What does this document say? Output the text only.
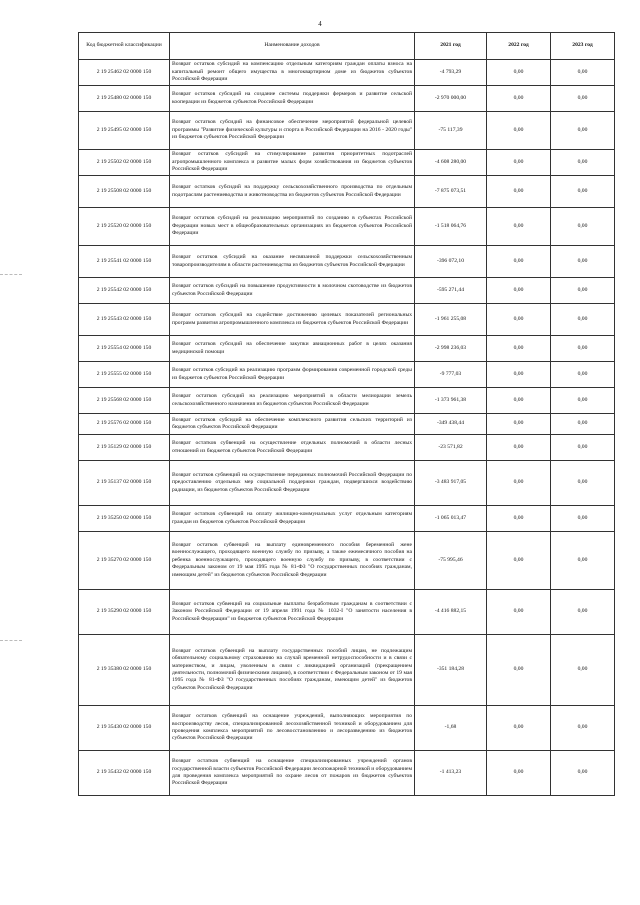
4
Код бюджетной классификации	Наименование доходов	2021 год	2022 год	2023 год
2 19 25462 02 0000 150	Возврат остатков субсидий на компенсацию отдельным категориям граждан оплаты взноса на капитальный ремонт общего имущества в многоквартирном доме из бюджетов субъектов Российской Федерации	-4 793,29	0,00	0,00
2 19 25480 02 0000 150	Возврат остатков субсидий на создание системы поддержки фермеров и развитие сельской кооперации из бюджетов субъектов Российской Федерации	-2 970 000,00	0,00	0,00
2 19 25495 02 0000 150	Возврат остатков субсидий на финансовое обеспечение мероприятий федеральной целевой программы "Развитие физической культуры и спорта в Российской Федерации на 2016 - 2020 годы" из бюджетов субъектов Российской Федерации	-75 117,39	0,00	0,00
2 19 25502 02 0000 150	Возврат остатков субсидий на стимулирование развития приоритетных подотраслей агропромышленного комплекса и развитие малых форм хозяйствования из бюджетов субъектов Российской Федерации	-4 608 280,00	0,00	0,00
2 19 25508 02 0000 150	Возврат остатков субсидий на поддержку сельскохозяйственного производства по отдельным подотраслям растениеводства и животноводства из бюджетов субъектов Российской Федерации	-7 875 073,51	0,00	0,00
2 19 25520 02 0000 150	Возврат остатков субсидий на реализацию мероприятий по созданию в субъектах Российской Федерации новых мест в общеобразовательных организациях из бюджетов субъектов Российской Федерации	-1 518 064,76	0,00	0,00
2 19 25541 02 0000 150	Возврат остатков субсидий на оказание несвязанной поддержки сельскохозяйственным товаропроизводителям в области растениеводства из бюджетов субъектов Российской Федерации	-396 072,10	0,00	0,00
2 19 25542 02 0000 150	Возврат остатков субсидий на повышение продуктивности в молочном скотоводстве из бюджетов субъектов Российской Федерации	-595 271,44	0,00	0,00
2 19 25543 02 0000 150	Возврат остатков субсидий на содействие достижению целевых показателей региональных программ развития агропромышленного комплекса из бюджетов субъектов Российской Федерации	-1 961 255,08	0,00	0,00
2 19 25554 02 0000 150	Возврат остатков субсидий на обеспечение закупки авиационных работ в целях оказания медицинской помощи	-2 998 236,03	0,00	0,00
2 19 25555 02 0000 150	Возврат остатков субсидий на реализацию программ формирования современной городской среды из бюджетов субъектов Российской Федерации	-9 777,03	0,00	0,00
2 19 25568 02 0000 150	Возврат остатков субсидий на реализацию мероприятий в области мелиорации земель сельскохозяйственного назначения из бюджетов субъектов Российской Федерации	-1 373 961,38	0,00	0,00
2 19 25576 02 0000 150	Возврат остатков субсидий на обеспечение комплексного развития сельских территорий из бюджетов субъектов Российской Федерации	-349 438,44	0,00	0,00
2 19 35129 02 0000 150	Возврат остатков субвенций на осуществление отдельных полномочий в области лесных отношений из бюджетов субъектов Российской Федерации	-23 571,82	0,00	0,00
2 19 35137 02 0000 150	Возврат остатков субвенций на осуществление переданных полномочий Российской Федерации по предоставлению отдельных мер социальной поддержки граждан, подвергшихся воздействию радиации, из бюджетов субъектов Российской Федерации	-3 483 917,05	0,00	0,00
2 19 35250 02 0000 150	Возврат остатков субвенций на оплату жилищно-коммунальных услуг отдельным категориям граждан из бюджетов субъектов Российской Федерации	-1 065 013,47	0,00	0,00
2 19 35270 02 0000 150	Возврат остатков субвенций на выплату единовременного пособия беременной жене военнослужащего, проходящего военную службу по призыву, а также ежемесячного пособия на ребенка военнослужащего, проходящего военную службу по призыву, в соответствии с Федеральным законом от 19 мая 1995 года № 81-ФЗ "О государственных пособиях гражданам, имеющим детей" из бюджетов субъектов Российской Федерации	-75 995,46	0,00	0,00
2 19 35290 02 0000 150	Возврат остатков субвенций на социальные выплаты безработным гражданам в соответствии с Законом Российской Федерации от 19 апреля 1991 года № 1032-I "О занятости населения в Российской Федерации" из бюджетов субъектов Российской Федерации	-4 416 882,15	0,00	0,00
2 19 35380 02 0000 150	Возврат остатков субвенций на выплату государственных пособий лицам, не подлежащим обязательному социальному страхованию на случай временной нетрудоспособности и в связи с материнством, и лицам, уволенным в связи с ликвидацией организаций (прекращением деятельности, полномочий физическими лицами), в соответствии с Федеральным законом от 19 мая 1995 года № 81-ФЗ "О государственных пособиях гражданам, имеющим детей" из бюджетов субъектов Российской Федерации	-351 184,28	0,00	0,00
2 19 35430 02 0000 150	Возврат остатков субвенций на оснащение учреждений, выполняющих мероприятия по воспроизводству лесов, специализированной лесохозяйственной техникой и оборудованием для проведения комплекса мероприятий по лесовосстановлению и лесоразведению из бюджетов субъектов Российской Федерации	-1,68	0,00	0,00
2 19 35432 02 0000 150	Возврат остатков субвенций на оснащение специализированных учреждений органов государственной власти субъектов Российской Федерации лесопожарной техникой и оборудованием для проведения комплекса мероприятий по охране лесов от пожаров из бюджетов субъектов Российской Федерации	-1 413,23	0,00	0,00
